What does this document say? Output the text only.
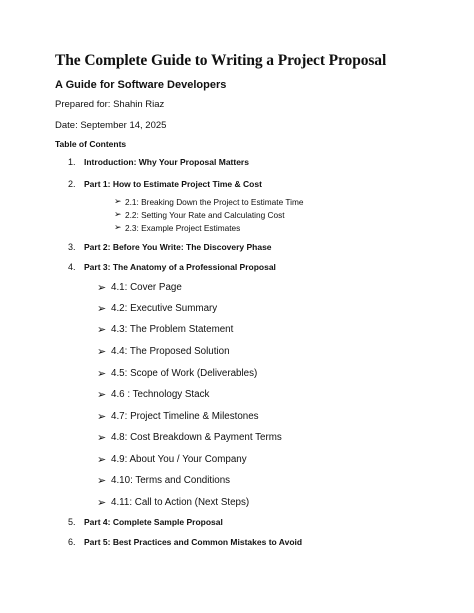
The Complete Guide to Writing a Project Proposal
A Guide for Software Developers
Prepared for: Shahin Riaz
Date: September 14, 2025
Table of Contents
1. Introduction: Why Your Proposal Matters
2. Part 1: How to Estimate Project Time & Cost
➢ 2.1: Breaking Down the Project to Estimate Time
➢ 2.2: Setting Your Rate and Calculating Cost
➢ 2.3: Example Project Estimates
3. Part 2: Before You Write: The Discovery Phase
4. Part 3: The Anatomy of a Professional Proposal
➢ 4.1: Cover Page
➢ 4.2: Executive Summary
➢ 4.3: The Problem Statement
➢ 4.4: The Proposed Solution
➢ 4.5: Scope of Work (Deliverables)
➢ 4.6 : Technology Stack
➢ 4.7: Project Timeline & Milestones
➢ 4.8: Cost Breakdown & Payment Terms
➢ 4.9: About You / Your Company
➢ 4.10: Terms and Conditions
➢ 4.11: Call to Action (Next Steps)
5. Part 4: Complete Sample Proposal
6. Part 5: Best Practices and Common Mistakes to Avoid
